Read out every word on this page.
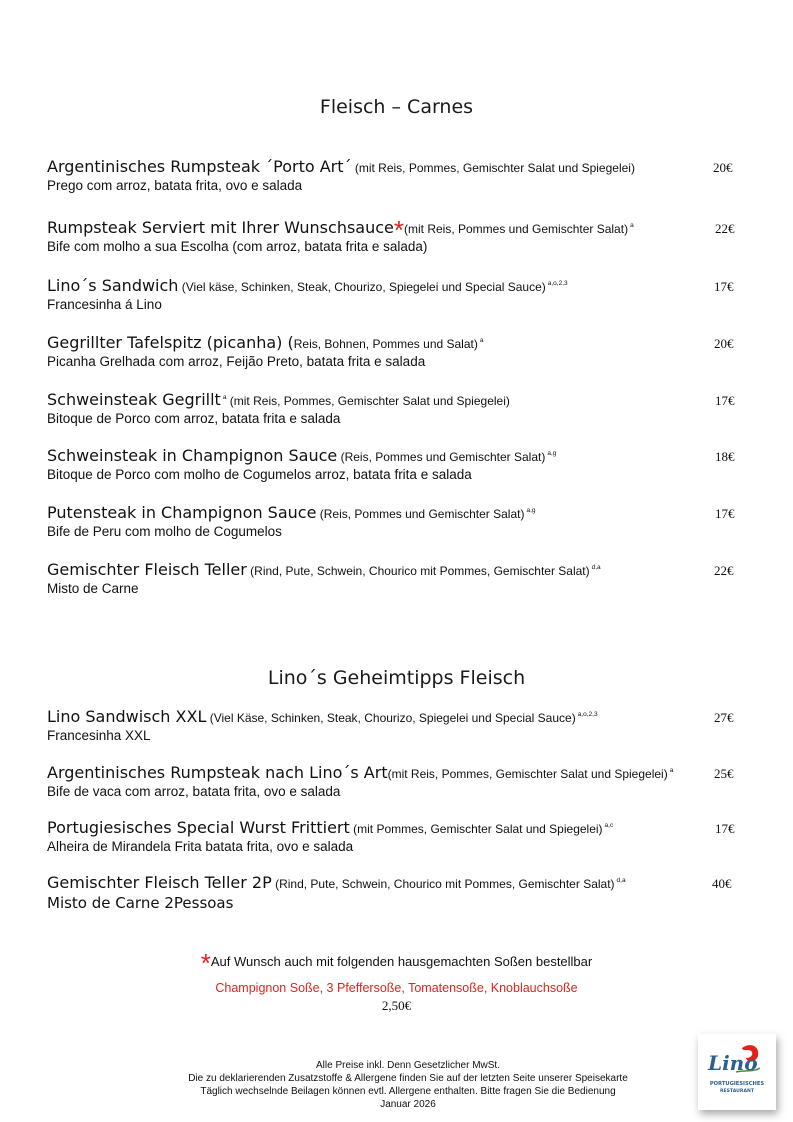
Fleisch – Carnes
Argentinisches Rumpsteak ´Porto Art´ (mit Reis, Pommes, Gemischter Salat und Spiegelei)	20€
Prego com arroz, batata frita, ovo e salada
Rumpsteak Serviert mit Ihrer Wunschsauce*(mit Reis, Pommes und Gemischter Salat) $^a$	22€
Bife com molho a sua Escolha (com arroz, batata frita e salada)
Lino´s Sandwich (Viel käse, Schinken, Steak, Chourizo, Spiegelei und Special Sauce) $^{a,o,2,3}$	17€
Francesinha á Lino
Gegrillter Tafelspitz (picanha) (Reis, Bohnen, Pommes und Salat) $^a$	20€
Picanha Grelhada com arroz, Feijão Preto, batata frita e salada
Schweinsteak Gegrillt $^a$ (mit Reis, Pommes, Gemischter Salat und Spiegelei)	17€
Bitoque de Porco com arroz, batata frita e salada
Schweinsteak in Champignon Sauce (Reis, Pommes und Gemischter Salat) $^{a,g}$	18€
Bitoque de Porco com molho de Cogumelos arroz, batata frita e salada
Putensteak in Champignon Sauce (Reis, Pommes und Gemischter Salat) $^{a,g}$	17€
Bife de Peru com molho de Cogumelos
Gemischter Fleisch Teller (Rind, Pute, Schwein, Chourico mit Pommes, Gemischter Salat) $^{d,a}$	22€
Misto de Carne
Lino´s Geheimtipps Fleisch
Lino Sandwisch XXL (Viel Käse, Schinken, Steak, Chourizo, Spiegelei und Special Sauce) $^{a,o,2,3}$	27€
Francesinha XXL
Argentinisches Rumpsteak nach Lino´s Art(mit Reis, Pommes, Gemischter Salat und Spiegelei) $^a$	25€
Bife de vaca com arroz, batata frita, ovo e salada
Portugiesisches Special Wurst Frittiert (mit Pommes, Gemischter Salat und Spiegelei) $^{a,c}$	17€
Alheira de Mirandela Frita batata frita, ovo e salada
Gemischter Fleisch Teller 2P (Rind, Pute, Schwein, Chourico mit Pommes, Gemischter Salat) $^{d,a}$	40€
Misto de Carne 2Pessoas
*Auf Wunsch auch mit folgenden hausgemachten Soßen bestellbar
Champignon Soße, 3 Pfeffersoße, Tomatensoße, Knoblauchsoße
2,50€
Alle Preise inkl. Denn Gesetzlicher MwSt.
Die zu deklarierenden Zusatzstoffe & Allergene finden Sie auf der letzten Seite unserer Speisekarte
Täglich wechselnde Beilagen können evtl. Allergene enthalten. Bitte fragen Sie die Bedienung
Januar 2026
Lino
PORTUGIESISCHES
RESTAURANT
